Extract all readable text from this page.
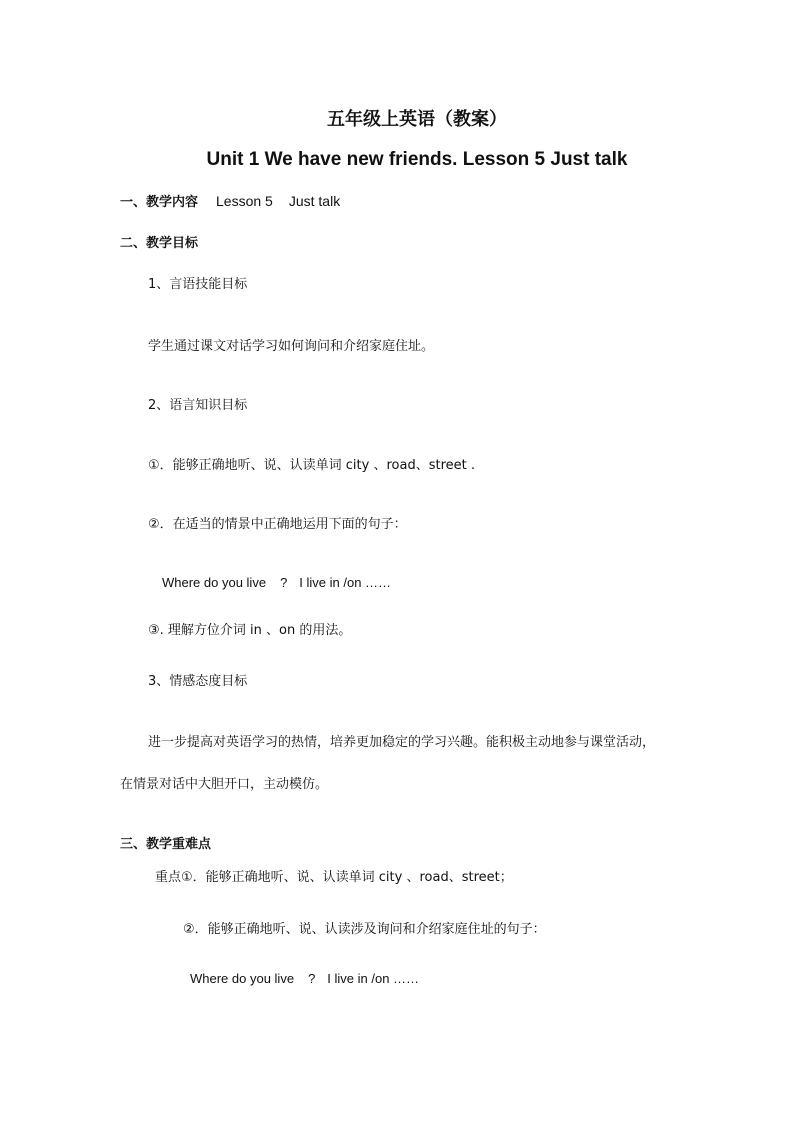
五年级上英语（教案）
Unit 1 We have new friends. Lesson 5 Just talk
一、教学内容 Lesson 5 Just talk
二、教学目标
1、言语技能目标
学生通过课文对话学习如何询问和介绍家庭住址。
2、语言知识目标
①．能够正确地听、说、认读单词 city 、road、street .
②．在适当的情景中正确地运用下面的句子：
Where do you live ? I live in /on ……
③. 理解方位介词 in 、on 的用法。
3、情感态度目标
进一步提高对英语学习的热情，培养更加稳定的学习兴趣。能积极主动地参与课堂活动，
在情景对话中大胆开口，主动模仿。
三、教学重难点
重点①．能够正确地听、说、认读单词 city 、road、street；
②．能够正确地听、说、认读涉及询问和介绍家庭住址的句子：
Where do you live ? I live in /on ……
